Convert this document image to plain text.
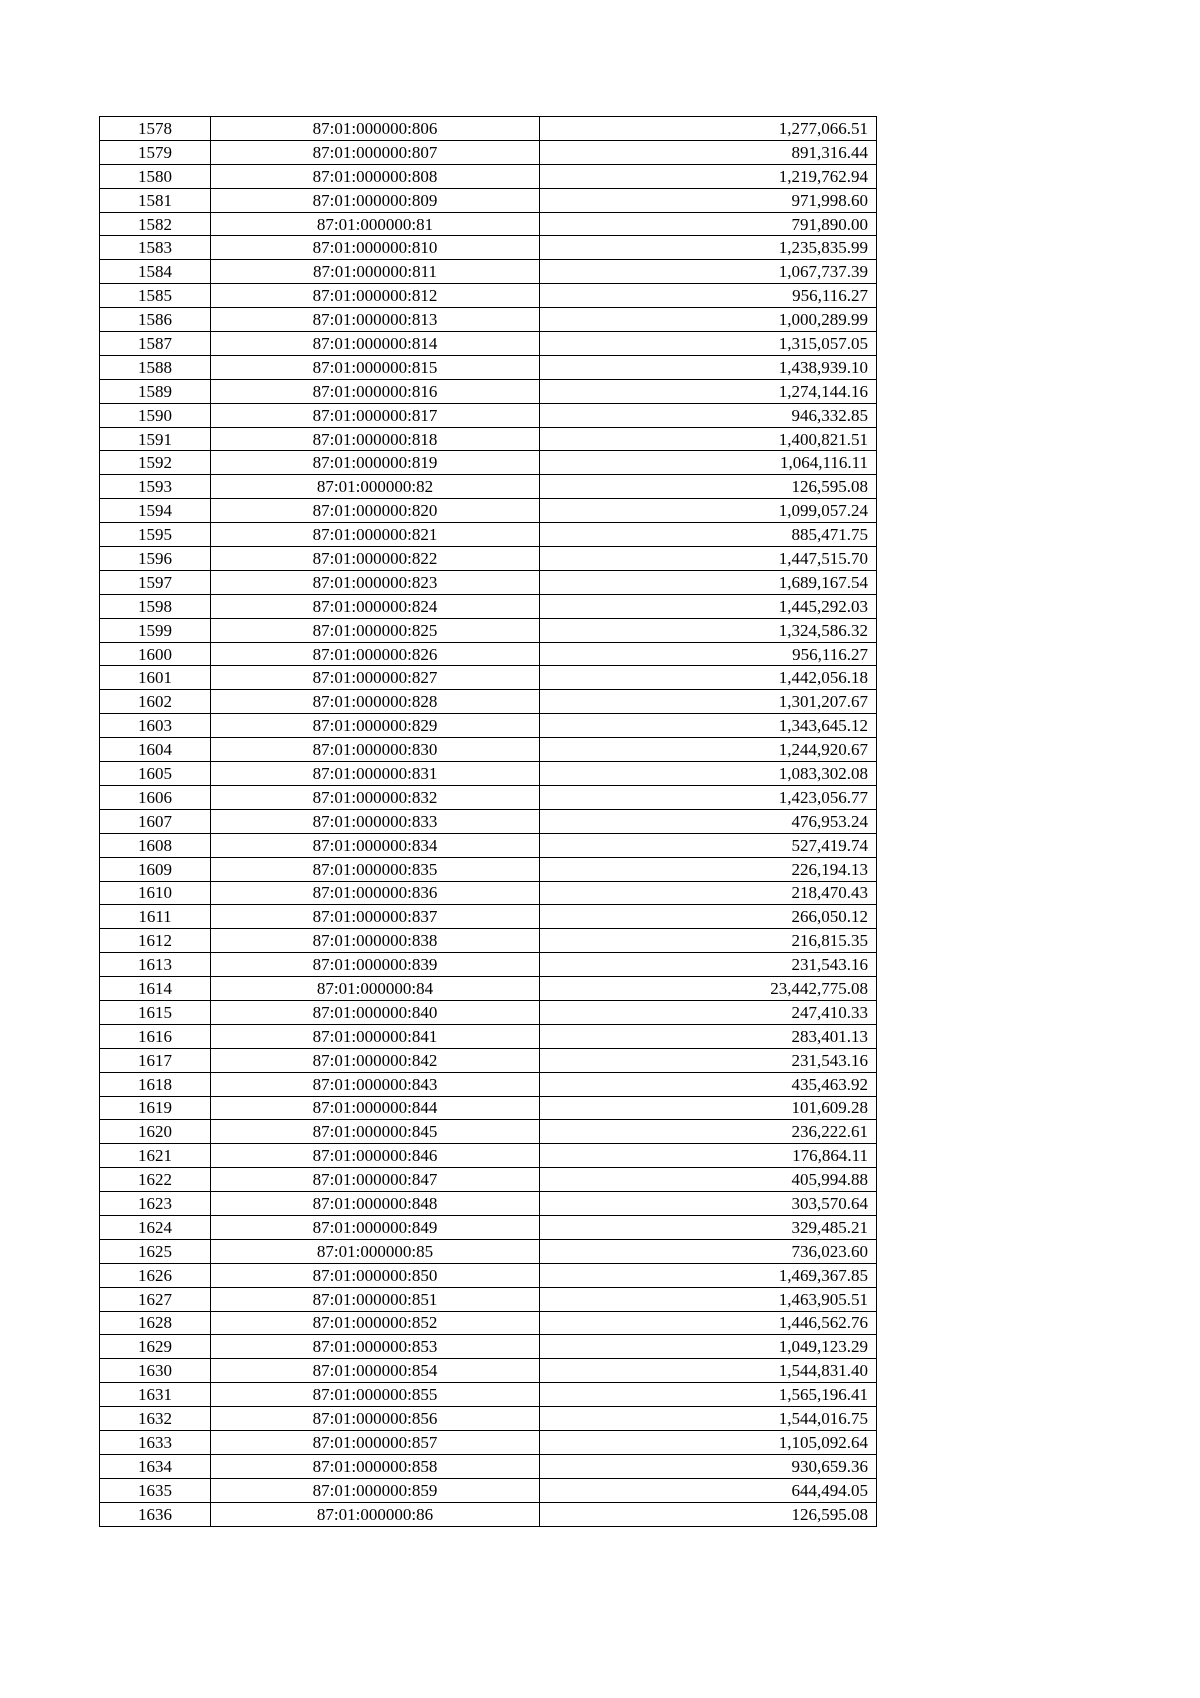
1578	87:01:000000:806	1,277,066.51
1579	87:01:000000:807	891,316.44
1580	87:01:000000:808	1,219,762.94
1581	87:01:000000:809	971,998.60
1582	87:01:000000:81	791,890.00
1583	87:01:000000:810	1,235,835.99
1584	87:01:000000:811	1,067,737.39
1585	87:01:000000:812	956,116.27
1586	87:01:000000:813	1,000,289.99
1587	87:01:000000:814	1,315,057.05
1588	87:01:000000:815	1,438,939.10
1589	87:01:000000:816	1,274,144.16
1590	87:01:000000:817	946,332.85
1591	87:01:000000:818	1,400,821.51
1592	87:01:000000:819	1,064,116.11
1593	87:01:000000:82	126,595.08
1594	87:01:000000:820	1,099,057.24
1595	87:01:000000:821	885,471.75
1596	87:01:000000:822	1,447,515.70
1597	87:01:000000:823	1,689,167.54
1598	87:01:000000:824	1,445,292.03
1599	87:01:000000:825	1,324,586.32
1600	87:01:000000:826	956,116.27
1601	87:01:000000:827	1,442,056.18
1602	87:01:000000:828	1,301,207.67
1603	87:01:000000:829	1,343,645.12
1604	87:01:000000:830	1,244,920.67
1605	87:01:000000:831	1,083,302.08
1606	87:01:000000:832	1,423,056.77
1607	87:01:000000:833	476,953.24
1608	87:01:000000:834	527,419.74
1609	87:01:000000:835	226,194.13
1610	87:01:000000:836	218,470.43
1611	87:01:000000:837	266,050.12
1612	87:01:000000:838	216,815.35
1613	87:01:000000:839	231,543.16
1614	87:01:000000:84	23,442,775.08
1615	87:01:000000:840	247,410.33
1616	87:01:000000:841	283,401.13
1617	87:01:000000:842	231,543.16
1618	87:01:000000:843	435,463.92
1619	87:01:000000:844	101,609.28
1620	87:01:000000:845	236,222.61
1621	87:01:000000:846	176,864.11
1622	87:01:000000:847	405,994.88
1623	87:01:000000:848	303,570.64
1624	87:01:000000:849	329,485.21
1625	87:01:000000:85	736,023.60
1626	87:01:000000:850	1,469,367.85
1627	87:01:000000:851	1,463,905.51
1628	87:01:000000:852	1,446,562.76
1629	87:01:000000:853	1,049,123.29
1630	87:01:000000:854	1,544,831.40
1631	87:01:000000:855	1,565,196.41
1632	87:01:000000:856	1,544,016.75
1633	87:01:000000:857	1,105,092.64
1634	87:01:000000:858	930,659.36
1635	87:01:000000:859	644,494.05
1636	87:01:000000:86	126,595.08
